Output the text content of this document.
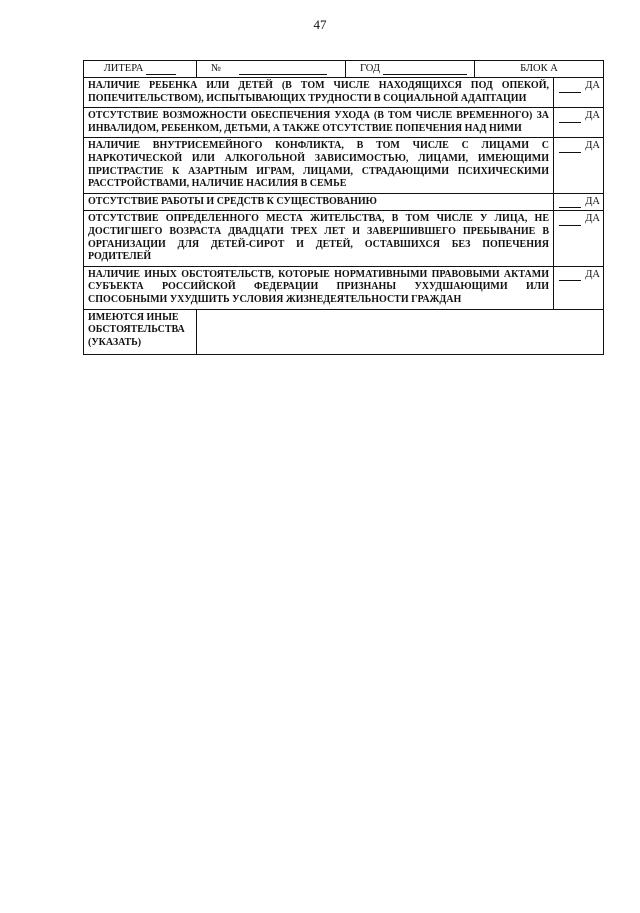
47
ЛИТЕРА	№	ГОД	БЛОК А	

НАЛИЧИЕ РЕБЕНКА ИЛИ ДЕТЕЙ (В ТОМ ЧИСЛЕ НАХОДЯЩИХСЯ ПОД ОПЕКОЙ, ПОПЕЧИТЕЛЬСТВОМ), ИСПЫТЫВАЮЩИХ ТРУДНОСТИ В СОЦИАЛЬНОЙ АДАПТАЦИИ				ДА

ОТСУТСТВИЕ ВОЗМОЖНОСТИ ОБЕСПЕЧЕНИЯ УХОДА (В ТОМ ЧИСЛЕ ВРЕМЕННОГО) ЗА ИНВАЛИДОМ, РЕБЕНКОМ, ДЕТЬМИ, А ТАКЖЕ ОТСУТСТВИЕ ПОПЕЧЕНИЯ НАД НИМИ				ДА

НАЛИЧИЕ ВНУТРИСЕМЕЙНОГО КОНФЛИКТА, В ТОМ ЧИСЛЕ С ЛИЦАМИ С НАРКОТИЧЕСКОЙ ИЛИ АЛКОГОЛЬНОЙ ЗАВИСИМОСТЬЮ, ЛИЦАМИ, ИМЕЮЩИМИ ПРИСТРАСТИЕ К АЗАРТНЫМ ИГРАМ, ЛИЦАМИ, СТРАДАЮЩИМИ ПСИХИЧЕСКИМИ РАССТРОЙСТВАМИ, НАЛИЧИЕ НАСИЛИЯ В СЕМЬЕ				ДА

ОТСУТСТВИЕ РАБОТЫ И СРЕДСТВ К СУЩЕСТВОВАНИЮ				ДА

ОТСУТСТВИЕ ОПРЕДЕЛЕННОГО МЕСТА ЖИТЕЛЬСТВА, В ТОМ ЧИСЛЕ У ЛИЦА, НЕ ДОСТИГШЕГО ВОЗРАСТА ДВАДЦАТИ ТРЕХ ЛЕТ И ЗАВЕРШИВШЕГО ПРЕБЫВАНИЕ В ОРГАНИЗАЦИИ ДЛЯ ДЕТЕЙ-СИРОТ И ДЕТЕЙ, ОСТАВШИХСЯ БЕЗ ПОПЕЧЕНИЯ РОДИТЕЛЕЙ				ДА

НАЛИЧИЕ ИНЫХ ОБСТОЯТЕЛЬСТВ, КОТОРЫЕ НОРМАТИВНЫМИ ПРАВОВЫМИ АКТАМИ СУБЪЕКТА РОССИЙСКОЙ ФЕДЕРАЦИИ ПРИЗНАНЫ УХУДШАЮЩИМИ ИЛИ СПОСОБНЫМИ УХУДШИТЬ УСЛОВИЯ ЖИЗНЕДЕЯТЕЛЬНОСТИ ГРАЖДАН				ДА

ИМЕЮТСЯ ИНЫЕ ОБСТОЯТЕЛЬСТВА (УКАЗАТЬ)				
